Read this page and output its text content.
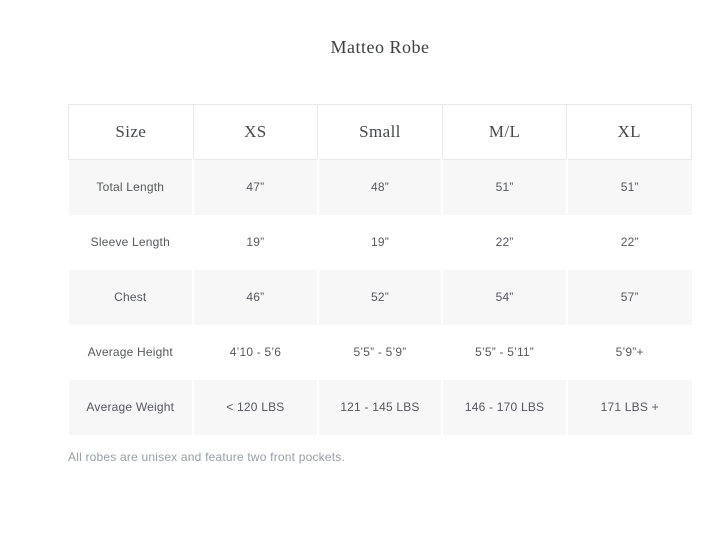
Matteo Robe
Size	XS	Small	M/L	XL
Total Length	47”	48”	51”	51”
Sleeve Length	19”	19”	22”	22”
Chest	46”	52”	54”	57”
Average Height	4’10 - 5’6	5’5” - 5’9”	5’5” - 5’11”	5’9”+
Average Weight	< 120 LBS	121 - 145 LBS	146 - 170 LBS	171 LBS +

All robes are unisex and feature two front pockets.
